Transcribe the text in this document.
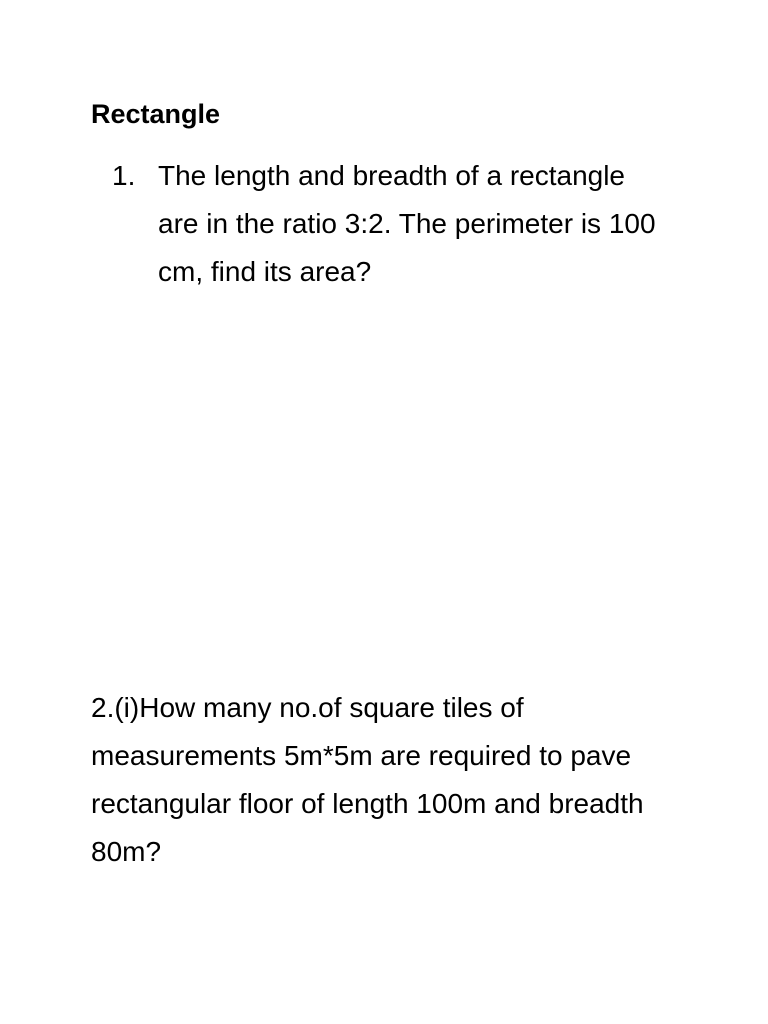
Rectangle
1. The length and breadth of a rectangle are in the ratio 3:2. The perimeter is 100 cm, find its area?

2.(i)How many no.of square tiles of measurements 5m*5m are required to pave rectangular floor of length 100m and breadth 80m?
